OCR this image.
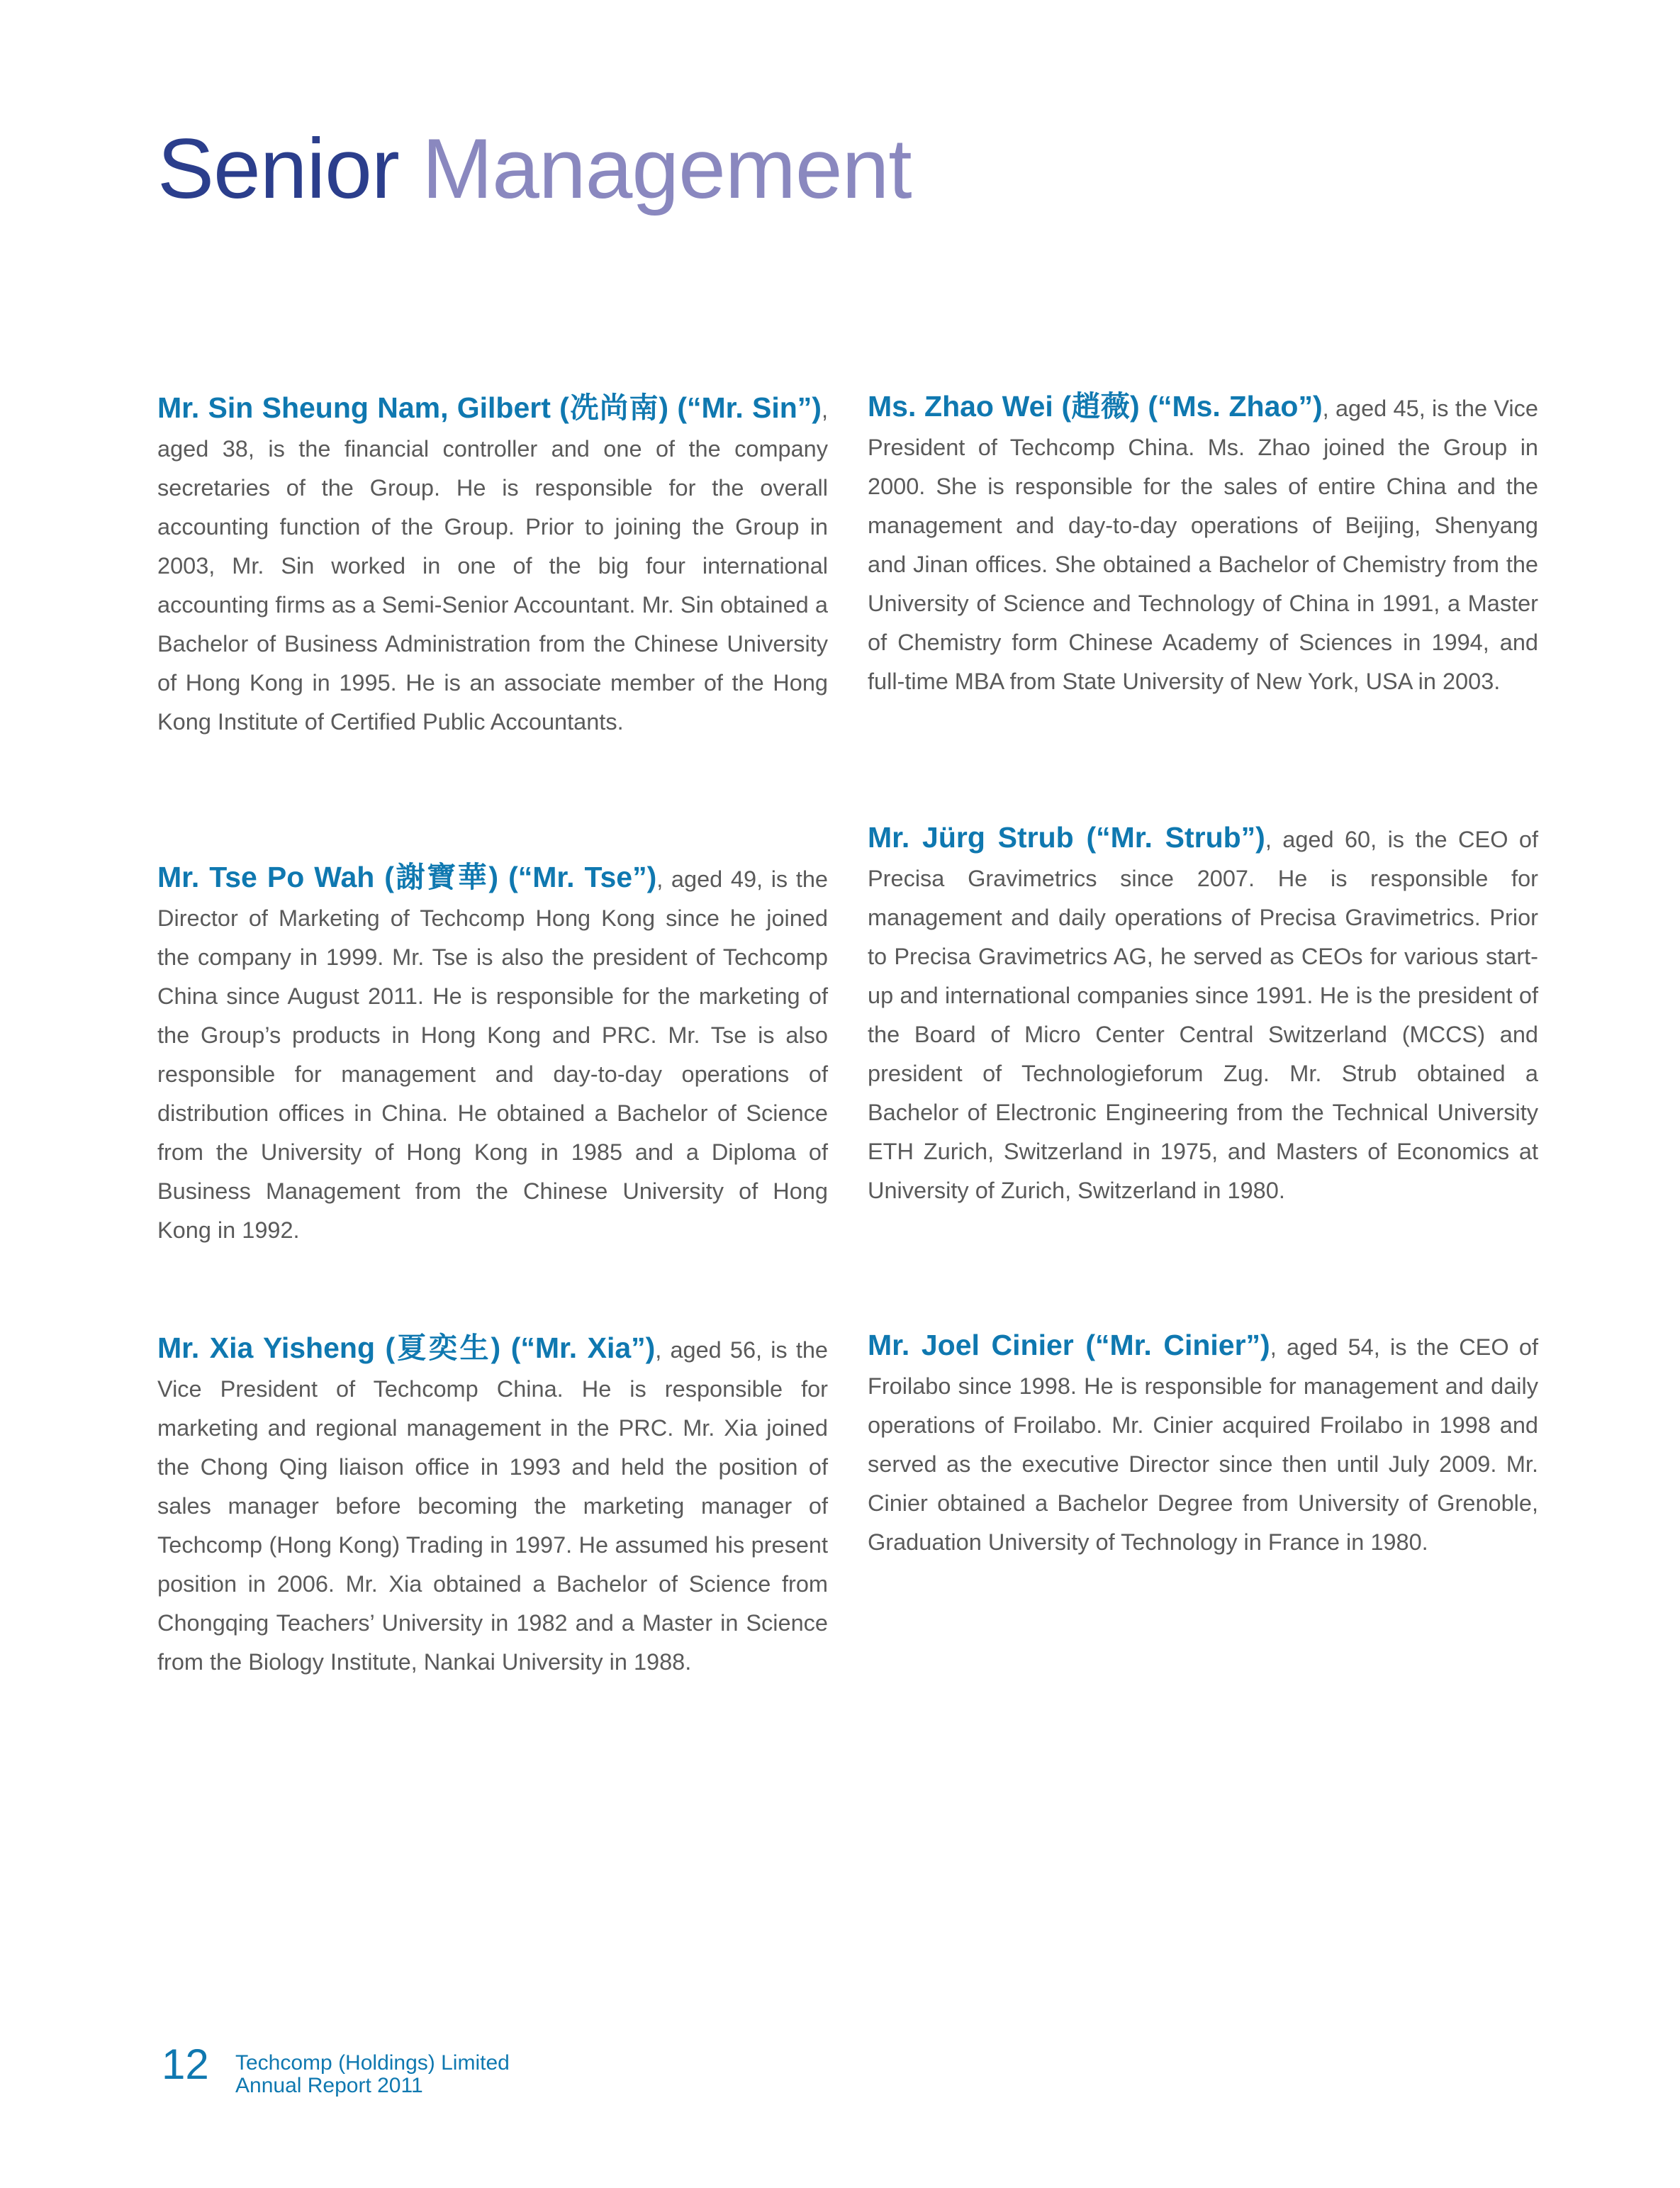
Senior Management

Mr. Sin Sheung Nam, Gilbert (冼尚南) (“Mr. Sin”), aged 38, is the financial controller and one of the company secretaries of the Group. He is responsible for the overall accounting function of the Group. Prior to joining the Group in 2003, Mr. Sin worked in one of the big four international accounting firms as a Semi-Senior Accountant. Mr. Sin obtained a Bachelor of Business Administration from the Chinese University of Hong Kong in 1995. He is an associate member of the Hong Kong Institute of Certified Public Accountants.

Ms. Zhao Wei (趙薇) (“Ms. Zhao”), aged 45, is the Vice President of Techcomp China. Ms. Zhao joined the Group in 2000. She is responsible for the sales of entire China and the management and day-to-day operations of Beijing, Shenyang and Jinan offices. She obtained a Bachelor of Chemistry from the University of Science and Technology of China in 1991, a Master of Chemistry form Chinese Academy of Sciences in 1994, and full-time MBA from State University of New York, USA in 2003.

Mr. Tse Po Wah (謝寶華) (“Mr. Tse”), aged 49, is the Director of Marketing of Techcomp Hong Kong since he joined the company in 1999. Mr. Tse is also the president of Techcomp China since August 2011. He is responsible for the marketing of the Group’s products in Hong Kong and PRC. Mr. Tse is also responsible for management and day-to-day operations of distribution offices in China. He obtained a Bachelor of Science from the University of Hong Kong in 1985 and a Diploma of Business Management from the Chinese University of Hong Kong in 1992.

Mr. Jürg Strub (“Mr. Strub”), aged 60, is the CEO of Precisa Gravimetrics since 2007. He is responsible for management and daily operations of Precisa Gravimetrics. Prior to Precisa Gravimetrics AG, he served as CEOs for various start-up and international companies since 1991. He is the president of the Board of Micro Center Central Switzerland (MCCS) and president of Technologieforum Zug. Mr. Strub obtained a Bachelor of Electronic Engineering from the Technical University ETH Zurich, Switzerland in 1975, and Masters of Economics at University of Zurich, Switzerland in 1980.

Mr. Xia Yisheng (夏奕生) (“Mr. Xia”), aged 56, is the Vice President of Techcomp China. He is responsible for marketing and regional management in the PRC. Mr. Xia joined the Chong Qing liaison office in 1993 and held the position of sales manager before becoming the marketing manager of Techcomp (Hong Kong) Trading in 1997. He assumed his present position in 2006. Mr. Xia obtained a Bachelor of Science from Chongqing Teachers’ University in 1982 and a Master in Science from the Biology Institute, Nankai University in 1988.

Mr. Joel Cinier (“Mr. Cinier”), aged 54, is the CEO of Froilabo since 1998. He is responsible for management and daily operations of Froilabo. Mr. Cinier acquired Froilabo in 1998 and served as the executive Director since then until July 2009. Mr. Cinier obtained a Bachelor Degree from University of Grenoble, Graduation University of Technology in France in 1980.

12 Techcomp (Holdings) Limited
Annual Report 2011
